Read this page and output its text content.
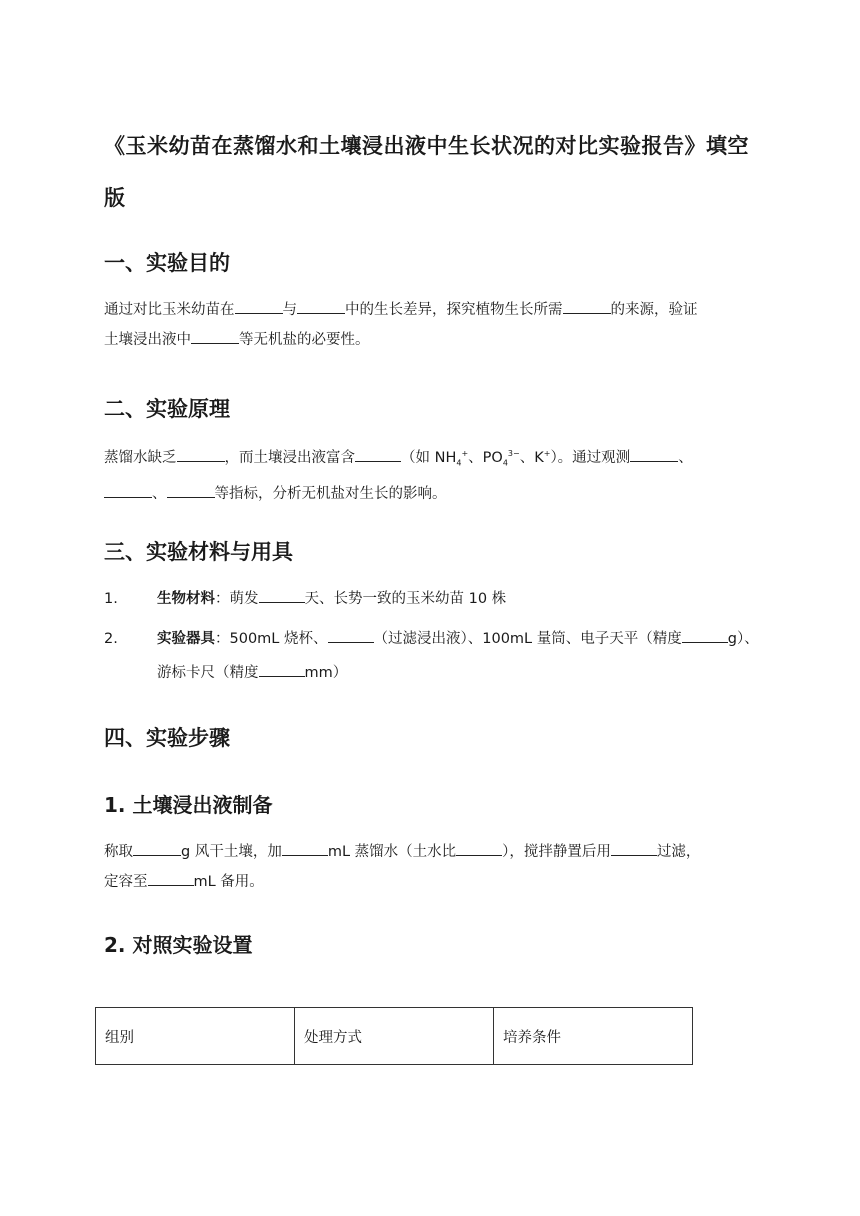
《玉米幼苗在蒸馏水和土壤浸出液中生长状况的对比实验报告》填空
版
一、实验目的
通过对比玉米幼苗在	与	中的生长差异，探究植物生长所需	的来源，验证
土壤浸出液中	等无机盐的必要性。
二、实验原理
蒸馏水缺乏	，而土壤浸出液富含	（如 $NH_4^+$、$PO_4^{3-}$、K+）。通过观测	、
、	等指标，分析无机盐对生长的影响。
三、实验材料与用具
1.	生物材料：萌发	天、长势一致的玉米幼苗 10 株
2.	实验器具：500mL 烧杯、	（过滤浸出液）、100mL 量筒、电子天平（精度	g）、
游标卡尺（精度	mm）
四、实验步骤
1. 土壤浸出液制备
称取	g 风干土壤，加	mL 蒸馏水（土水比	），搅拌静置后用	过滤，
定容至	mL 备用。
2. 对照实验设置
组别	处理方式	培养条件
